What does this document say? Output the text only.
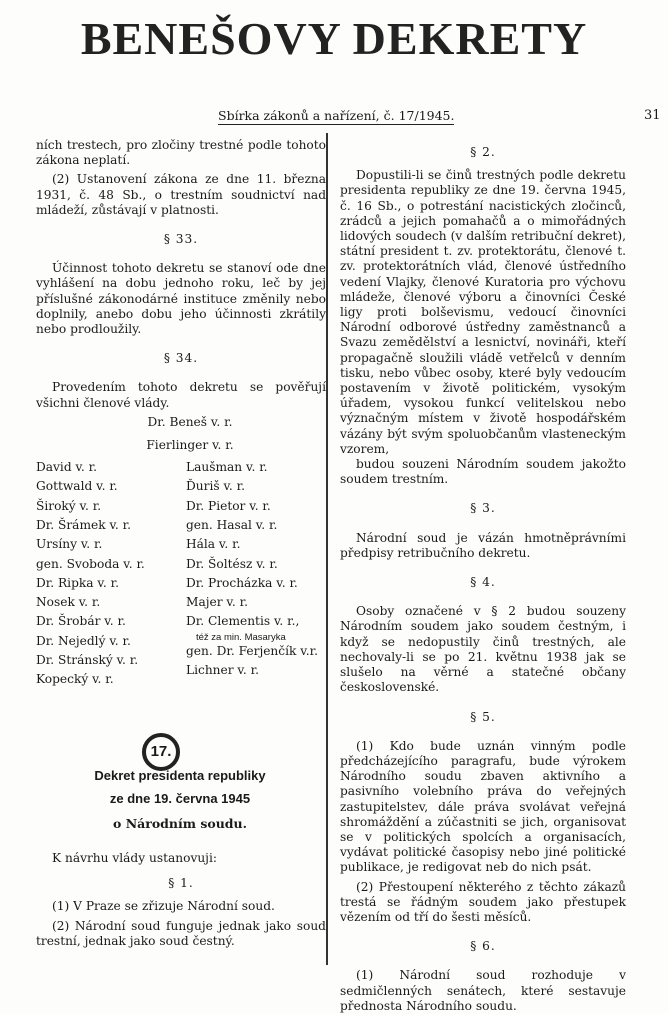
BENEŠOVY DEKRETY
Sbírka zákonů a nařízení, č. 17/1945.	31

ních trestech, pro zločiny trestné podle tohoto zákona neplatí.

(2) Ustanovení zákona ze dne 11. března 1931, č. 48 Sb., o trestním soudnictví nad mládeží, zůstávají v platnosti.

§ 33.

Účinnost tohoto dekretu se stanoví ode dne vyhlášení na dobu jednoho roku, leč by jej příslušné zákonodárné instituce změnily nebo doplnily, anebo dobu jeho účinnosti zkrátily nebo prodloužily.

§ 34.

Provedením tohoto dekretu se pověřují všichni členové vlády.

Dr. Beneš v. r.
Fierlinger v. r.
David v. r.
Gottwald v. r.
Široký v. r.
Dr. Šrámek v. r.
Ursíny v. r.
gen. Svoboda v. r.
Dr. Ripka v. r.
Nosek v. r.
Dr. Šrobár v. r.
Dr. Nejedlý v. r.
Dr. Stránský v. r.
Kopecký v. r.
Laušman v. r.
Ďuriš v. r.
Dr. Pietor v. r.
gen. Hasal v. r.
Hála v. r.
Dr. Šoltész v. r.
Dr. Procházka v. r.
Majer v. r.
Dr. Clementis v. r.,
gen. Dr. Ferjenčík v.r.
Lichner v. r.
též za min. Masaryka
17.
Dekret presidenta republiky
ze dne 19. června 1945
o Národním soudu.

K návrhu vlády ustanovuji:

§ 1.

(1) V Praze se zřizuje Národní soud.

(2) Národní soud funguje jednak jako soud trestní, jednak jako soud čestný.

§ 2.

Dopustili-li se činů trestných podle dekretu presidenta republiky ze dne 19. června 1945, č. 16 Sb., o potrestání nacistických zločinců, zrádců a jejich pomahačů a o mimořádných lidových soudech (v dalším retribuční dekret), státní president t. zv. protektorátu, členové t. zv. protektorátních vlád, členové ústředního vedení Vlajky, členové Kuratoria pro výchovu mládeže, členové výboru a činovníci České ligy proti bolševismu, vedoucí činovníci Národní odborové ústředny zaměstnanců a Svazu zemědělství a lesnictví, novináři, kteří propagačně sloužili vládě vetřelců v denním tisku, nebo vůbec osoby, které byly vedoucím postavením v životě politickém, vysokým úřadem, vysokou funkcí velitelskou nebo význačným místem v životě hospodářském vázány být svým spoluobčanům vlasteneckým vzorem,

budou souzeni Národním soudem jakožto soudem trestním.

§ 3.

Národní soud je vázán hmotněprávními předpisy retribučního dekretu.

§ 4.

Osoby označené v § 2 budou souzeny Národním soudem jako soudem čestným, i když se nedopustily činů trestných, ale nechovaly-li se po 21. květnu 1938 jak se slušelo na věrné a statečné občany československé.

§ 5.

(1) Kdo bude uznán vinným podle předcházejícího paragrafu, bude výrokem Národního soudu zbaven aktivního a pasivního volebního práva do veřejných zastupitelstev, dále práva svolávat veřejná shromáždění a zúčastniti se jich, organisovat se v politických spolcích a organisacích, vydávat politické časopisy nebo jiné politické publikace, je redigovat neb do nich psát.

(2) Přestoupení některého z těchto zákazů trestá se řádným soudem jako přestupek vězením od tří do šesti měsíců.

§ 6.

(1) Národní soud rozhoduje v sedmičlenných senátech, které sestavuje přednosta Národního soudu.
